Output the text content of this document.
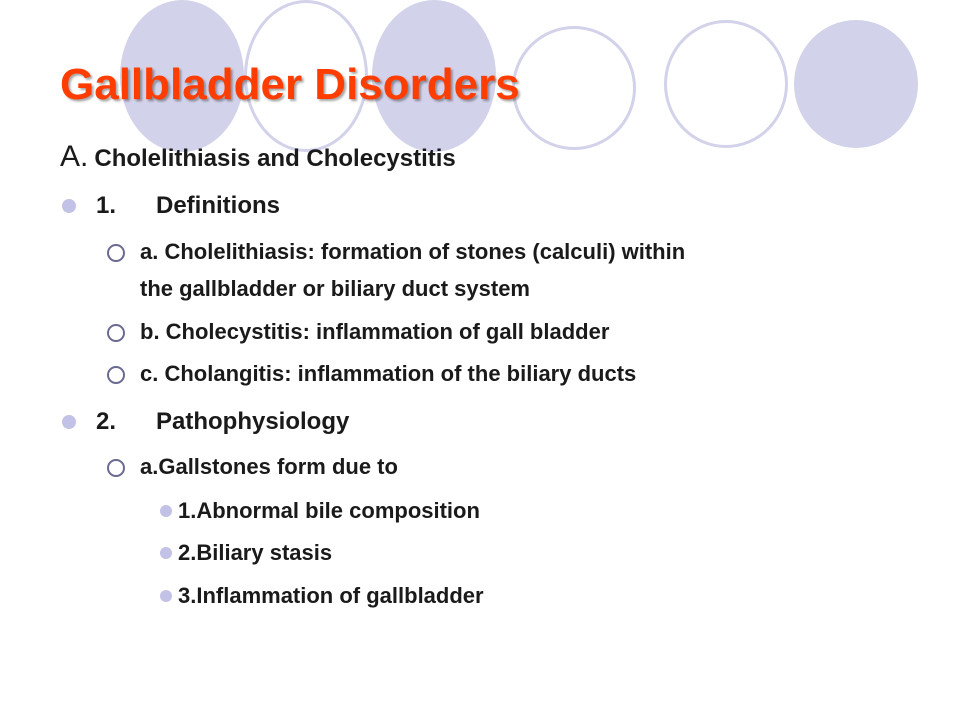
Gallbladder Disorders
A. Cholelithiasis and Cholecystitis
1. Definitions
a. Cholelithiasis: formation of stones (calculi) within
the gallbladder or biliary duct system
b. Cholecystitis: inflammation of gall bladder
c. Cholangitis: inflammation of the biliary ducts
2. Pathophysiology
a.Gallstones form due to
1.Abnormal bile composition
2.Biliary stasis
3.Inflammation of gallbladder
